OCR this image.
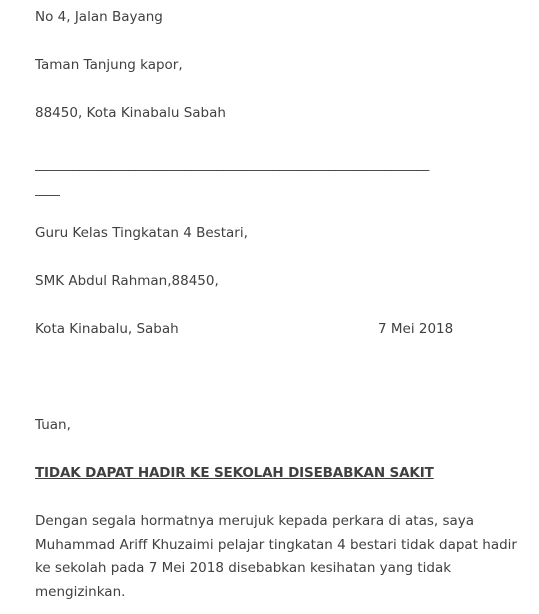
No 4, Jalan Bayang
Taman Tanjung kapor,
88450, Kota Kinabalu Sabah
_______________________________________________________________
____
Guru Kelas Tingkatan 4 Bestari,
SMK Abdul Rahman,88450,
Kota Kinabalu, Sabah	7 Mei 2018
Tuan,
TIDAK DAPAT HADIR KE SEKOLAH DISEBABKAN SAKIT
Dengan segala hormatnya merujuk kepada perkara di atas, saya
Muhammad Ariff Khuzaimi pelajar tingkatan 4 bestari tidak dapat hadir
ke sekolah pada 7 Mei 2018 disebabkan kesihatan yang tidak
mengizinkan.
